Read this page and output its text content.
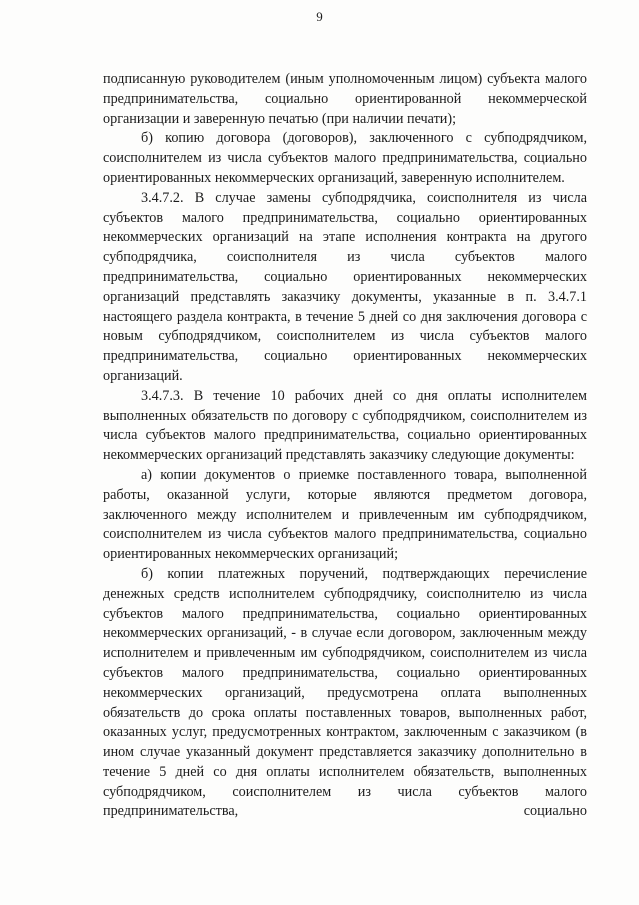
9

подписанную руководителем (иным уполномоченным лицом) субъекта малого предпринимательства, социально ориентированной некоммерческой организации и заверенную печатью (при наличии печати);

б) копию договора (договоров), заключенного с субподрядчиком, соисполнителем из числа субъектов малого предпринимательства, социально ориентированных некоммерческих организаций, заверенную исполнителем.

3.4.7.2. В случае замены субподрядчика, соисполнителя из числа субъектов малого предпринимательства, социально ориентированных некоммерческих организаций на этапе исполнения контракта на другого субподрядчика, соисполнителя из числа субъектов малого предпринимательства, социально ориентированных некоммерческих организаций представлять заказчику документы, указанные в п. 3.4.7.1 настоящего раздела контракта, в течение 5 дней со дня заключения договора с новым субподрядчиком, соисполнителем из числа субъектов малого предпринимательства, социально ориентированных некоммерческих организаций.

3.4.7.3. В течение 10 рабочих дней со дня оплаты исполнителем выполненных обязательств по договору с субподрядчиком, соисполнителем из числа субъектов малого предпринимательства, социально ориентированных некоммерческих организаций представлять заказчику следующие документы:

а) копии документов о приемке поставленного товара, выполненной работы, оказанной услуги, которые являются предметом договора, заключенного между исполнителем и привлеченным им субподрядчиком, соисполнителем из числа субъектов малого предпринимательства, социально ориентированных некоммерческих организаций;

б) копии платежных поручений, подтверждающих перечисление денежных средств исполнителем субподрядчику, соисполнителю из числа субъектов малого предпринимательства, социально ориентированных некоммерческих организаций, - в случае если договором, заключенным между исполнителем и привлеченным им субподрядчиком, соисполнителем из числа субъектов малого предпринимательства, социально ориентированных некоммерческих организаций, предусмотрена оплата выполненных обязательств до срока оплаты поставленных товаров, выполненных работ, оказанных услуг, предусмотренных контрактом, заключенным с заказчиком (в ином случае указанный документ представляется заказчику дополнительно в течение 5 дней со дня оплаты исполнителем обязательств, выполненных субподрядчиком, соисполнителем из числа субъектов малого предпринимательства, социально
